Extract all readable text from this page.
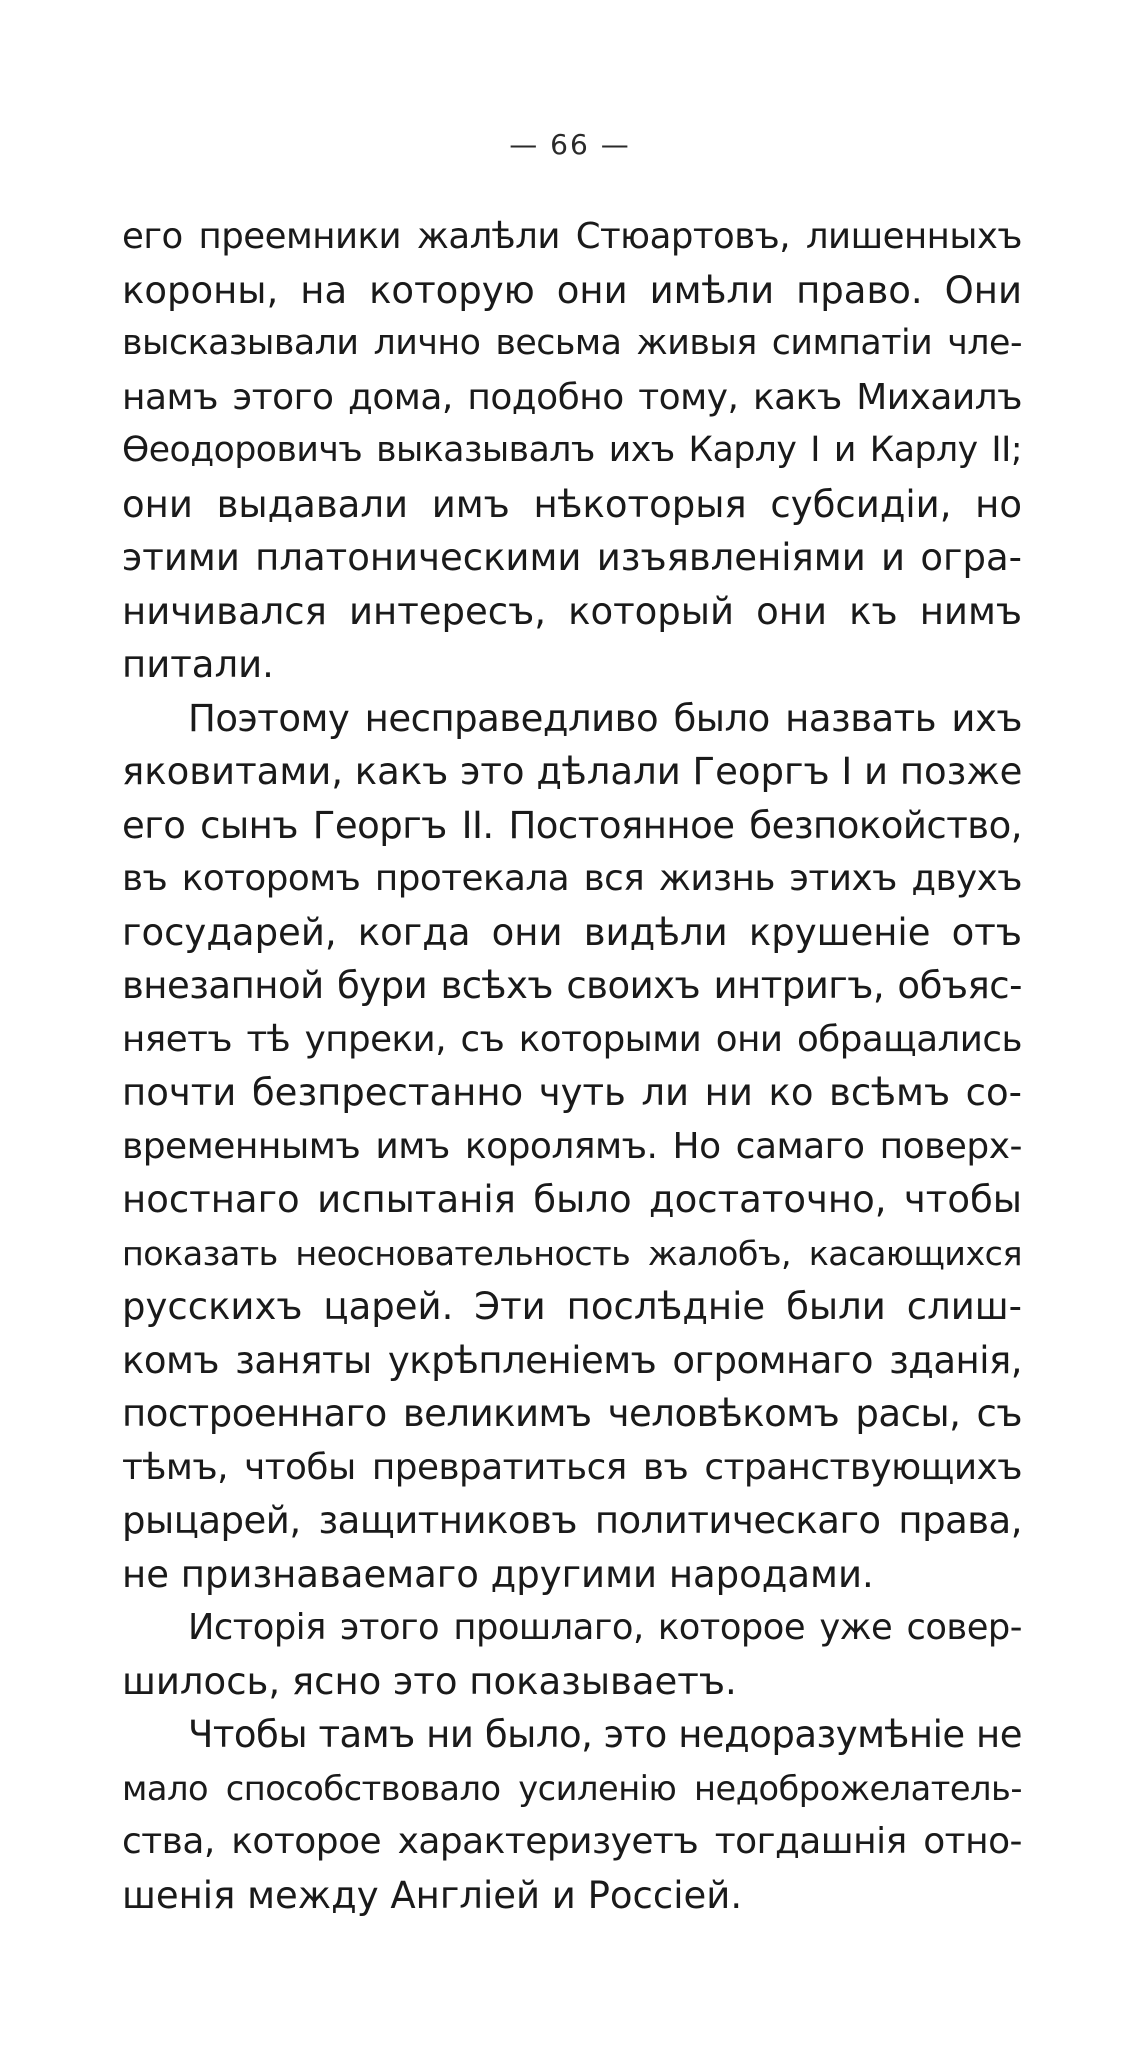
— 66 —
его преемники жалѣли Стюартовъ, лишенныхъ
короны, на которую они имѣли право. Они
высказывали лично весьма живыя симпатіи чле-
намъ этого дома, подобно тому, какъ Михаилъ
Ѳеодоровичъ выказывалъ ихъ Карлу I и Карлу II;
они выдавали имъ нѣкоторыя субсидіи, но
этими платоническими изъявленіями и огра-
ничивался интересъ, который они къ нимъ
питали.
Поэтому несправедливо было назвать ихъ
яковитами, какъ это дѣлали Георгъ I и позже
его сынъ Георгъ II. Постоянное безпокойство,
въ которомъ протекала вся жизнь этихъ двухъ
государей, когда они видѣли крушеніе отъ
внезапной бури всѣхъ своихъ интригъ, объяс-
няетъ тѣ упреки, съ которыми они обращались
почти безпрестанно чуть ли ни ко всѣмъ со-
временнымъ имъ королямъ. Но самаго поверх-
ностнаго испытанія было достаточно, чтобы
показать неосновательность жалобъ, касающихся
русскихъ царей. Эти послѣдніе были слиш-
комъ заняты укрѣпленіемъ огромнаго зданія,
построеннаго великимъ человѣкомъ расы, съ
тѣмъ, чтобы превратиться въ странствующихъ
рыцарей, защитниковъ политическаго права,
не признаваемаго другими народами.
Исторія этого прошлаго, которое уже совер-
шилось, ясно это показываетъ.
Чтобы тамъ ни было, это недоразумѣніе не
мало способствовало усиленію недоброжелатель-
ства, которое характеризуетъ тогдашнія отно-
шенія между Англіей и Россіей.
